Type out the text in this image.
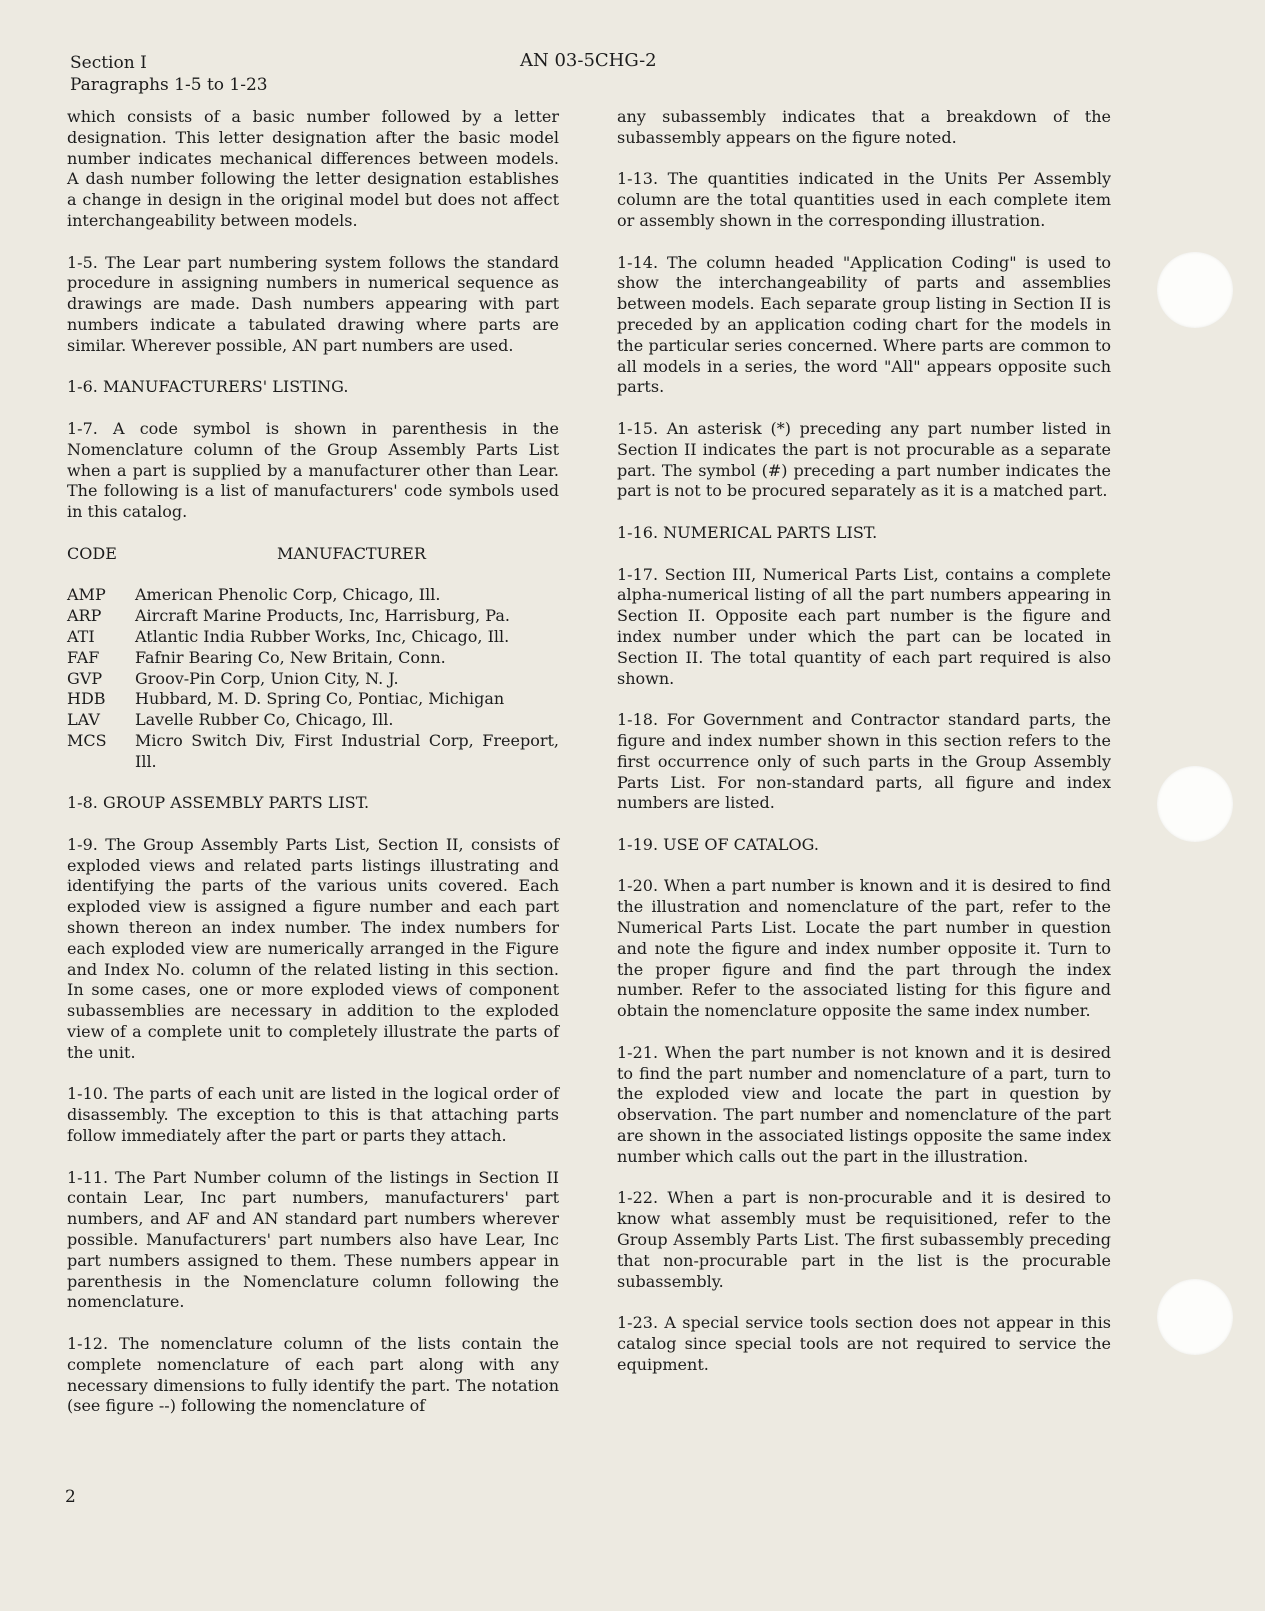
Section I
Paragraphs 1-5 to 1-23
AN 03-5CHG-2

which consists of a basic number followed by a letter designation. This letter designation after the basic model number indicates mechanical differences between models. A dash number following the letter designation establishes a change in design in the original model but does not affect interchangeability between models.

1-5. The Lear part numbering system follows the standard procedure in assigning numbers in numerical sequence as drawings are made. Dash numbers appearing with part numbers indicate a tabulated drawing where parts are similar. Wherever possible, AN part numbers are used.

1-6. MANUFACTURERS' LISTING.

1-7. A code symbol is shown in parenthesis in the Nomenclature column of the Group Assembly Parts List when a part is supplied by a manufacturer other than Lear. The following is a list of manufacturers' code symbols used in this catalog.

CODE	MANUFACTURER
AMP	American Phenolic Corp, Chicago, Ill.
ARP	Aircraft Marine Products, Inc, Harrisburg, Pa.
ATI	Atlantic India Rubber Works, Inc, Chicago, Ill.
FAF	Fafnir Bearing Co, New Britain, Conn.
GVP	Groov-Pin Corp, Union City, N. J.
HDB	Hubbard, M. D. Spring Co, Pontiac, Michigan
LAV	Lavelle Rubber Co, Chicago, Ill.
MCS	Micro Switch Div, First Industrial Corp, Freeport, Ill.

1-8. GROUP ASSEMBLY PARTS LIST.

1-9. The Group Assembly Parts List, Section II, consists of exploded views and related parts listings illustrating and identifying the parts of the various units covered. Each exploded view is assigned a figure number and each part shown thereon an index number. The index numbers for each exploded view are numerically arranged in the Figure and Index No. column of the related listing in this section. In some cases, one or more exploded views of component subassemblies are necessary in addition to the exploded view of a complete unit to completely illustrate the parts of the unit.

1-10. The parts of each unit are listed in the logical order of disassembly. The exception to this is that attaching parts follow immediately after the part or parts they attach.

1-11. The Part Number column of the listings in Section II contain Lear, Inc part numbers, manufacturers' part numbers, and AF and AN standard part numbers wherever possible. Manufacturers' part numbers also have Lear, Inc part numbers assigned to them. These numbers appear in parenthesis in the Nomenclature column following the nomenclature.

1-12. The nomenclature column of the lists contain the complete nomenclature of each part along with any necessary dimensions to fully identify the part. The notation (see figure --) following the nomenclature of

any subassembly indicates that a breakdown of the subassembly appears on the figure noted.

1-13. The quantities indicated in the Units Per Assembly column are the total quantities used in each complete item or assembly shown in the corresponding illustration.

1-14. The column headed "Application Coding" is used to show the interchangeability of parts and assemblies between models. Each separate group listing in Section II is preceded by an application coding chart for the models in the particular series concerned. Where parts are common to all models in a series, the word "All" appears opposite such parts.

1-15. An asterisk (*) preceding any part number listed in Section II indicates the part is not procurable as a separate part. The symbol (#) preceding a part number indicates the part is not to be procured separately as it is a matched part.

1-16. NUMERICAL PARTS LIST.

1-17. Section III, Numerical Parts List, contains a complete alpha-numerical listing of all the part numbers appearing in Section II. Opposite each part number is the figure and index number under which the part can be located in Section II. The total quantity of each part required is also shown.

1-18. For Government and Contractor standard parts, the figure and index number shown in this section refers to the first occurrence only of such parts in the Group Assembly Parts List. For non-standard parts, all figure and index numbers are listed.

1-19. USE OF CATALOG.

1-20. When a part number is known and it is desired to find the illustration and nomenclature of the part, refer to the Numerical Parts List. Locate the part number in question and note the figure and index number opposite it. Turn to the proper figure and find the part through the index number. Refer to the associated listing for this figure and obtain the nomenclature opposite the same index number.

1-21. When the part number is not known and it is desired to find the part number and nomenclature of a part, turn to the exploded view and locate the part in question by observation. The part number and nomenclature of the part are shown in the associated listings opposite the same index number which calls out the part in the illustration.

1-22. When a part is non-procurable and it is desired to know what assembly must be requisitioned, refer to the Group Assembly Parts List. The first subassembly preceding that non-procurable part in the list is the procurable subassembly.

1-23. A special service tools section does not appear in this catalog since special tools are not required to service the equipment.

2
